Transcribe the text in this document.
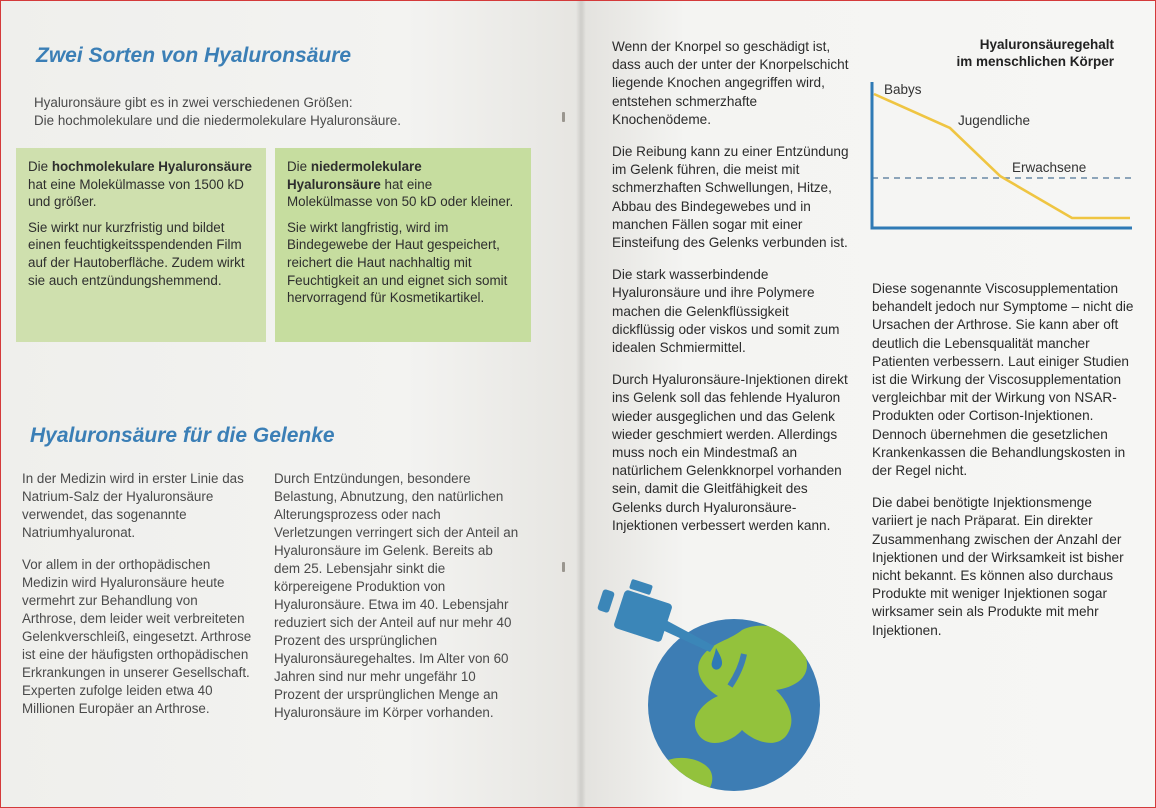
Zwei Sorten von Hyaluronsäure

Hyaluronsäure gibt es in zwei verschiedenen Größen:

Die hochmolekulare und die niedermolekulare Hyaluronsäure.

Die hochmolekulare Hyaluronsäure hat eine Molekülmasse von 1500 kD und größer.

Sie wirkt nur kurzfristig und bildet einen feuchtigkeitsspendenden Film auf der Hautoberfläche. Zudem wirkt sie auch entzündungshemmend.

Die niedermolekulare Hyaluronsäure hat eine Molekülmasse von 50 kD oder kleiner.

Sie wirkt langfristig, wird im Bindegewebe der Haut gespeichert, reichert die Haut nachhaltig mit Feuchtigkeit an und eignet sich somit hervorragend für Kosmetikartikel.

Hyaluronsäure für die Gelenke

In der Medizin wird in erster Linie das Natrium-Salz der Hyaluronsäure verwendet, das sogenannte Natriumhyaluronat.

Vor allem in der orthopädischen Medizin wird Hyaluronsäure heute vermehrt zur Behandlung von Arthrose, dem leider weit verbreiteten Gelenkverschleiß, eingesetzt. Arthrose ist eine der häufigsten orthopädischen Erkrankungen in unserer Gesellschaft. Experten zufolge leiden etwa 40 Millionen Europäer an Arthrose.

Durch Entzündungen, besondere Belastung, Abnutzung, den natürlichen Alterungsprozess oder nach Verletzungen verringert sich der Anteil an Hyaluronsäure im Gelenk. Bereits ab dem 25. Lebensjahr sinkt die körpereigene Produktion von Hyaluronsäure. Etwa im 40. Lebensjahr reduziert sich der Anteil auf nur mehr 40 Prozent des ursprünglichen Hyaluronsäuregehaltes. Im Alter von 60 Jahren sind nur mehr ungefähr 10 Prozent der ursprünglichen Menge an Hyaluronsäure im Körper vorhanden.

Wenn der Knorpel so geschädigt ist, dass auch der unter der Knorpelschicht liegende Knochen angegriffen wird, entstehen schmerzhafte Knochenödeme.

Die Reibung kann zu einer Entzündung im Gelenk führen, die meist mit schmerzhaften Schwellungen, Hitze, Abbau des Bindegewebes und in manchen Fällen sogar mit einer Einsteifung des Gelenks verbunden ist.

Die stark wasserbindende Hyaluronsäure und ihre Polymere machen die Gelenkflüssigkeit dickflüssig oder viskos und somit zum idealen Schmiermittel.

Durch Hyaluronsäure-Injektionen direkt ins Gelenk soll das fehlende Hyaluron wieder ausgeglichen und das Gelenk wieder geschmiert werden. Allerdings muss noch ein Mindestmaß an natürlichem Gelenkknorpel vorhanden sein, damit die Gleitfähigkeit des Gelenks durch Hyaluronsäure-Injektionen verbessert werden kann.

Hyaluronsäuregehalt
im menschlichen Körper
Babys
Jugendliche
Erwachsene

Diese sogenannte Viscosupplementation behandelt jedoch nur Symptome – nicht die Ursachen der Arthrose. Sie kann aber oft deutlich die Lebensqualität mancher Patienten verbessern. Laut einiger Studien ist die Wirkung der Viscosupplementation vergleichbar mit der Wirkung von NSAR-Produkten oder Cortison-Injektionen. Dennoch übernehmen die gesetzlichen Krankenkassen die Behandlungskosten in der Regel nicht.

Die dabei benötigte Injektionsmenge variiert je nach Präparat. Ein direkter Zusammenhang zwischen der Anzahl der Injektionen und der Wirksamkeit ist bisher nicht bekannt. Es können also durchaus Produkte mit weniger Injektionen sogar wirksamer sein als Produkte mit mehr Injektionen.
